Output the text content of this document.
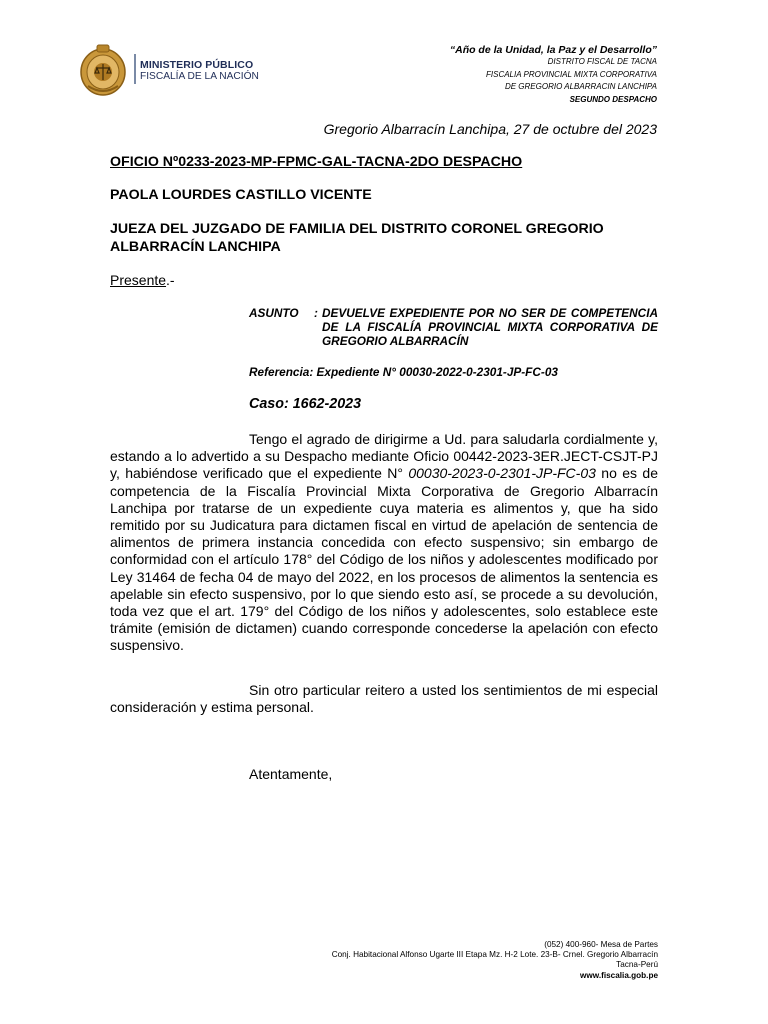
MINISTERIO PÚBLICO
FISCALÍA DE LA NACIÓN
“Año de la Unidad, la Paz y el Desarrollo”
DISTRITO FISCAL DE TACNA
FISCALIA PROVINCIAL MIXTA CORPORATIVA
DE GREGORIO ALBARRACIN LANCHIPA
SEGUNDO DESPACHO
Gregorio Albarracín Lanchipa, 27 de octubre del 2023
OFICIO Nº0233-2023-MP-FPMC-GAL-TACNA-2DO DESPACHO
PAOLA LOURDES CASTILLO VICENTE
JUEZA DEL JUZGADO DE FAMILIA DEL DISTRITO CORONEL GREGORIO ALBARRACÍN LANCHIPA
Presente.-
ASUNTO : DEVUELVE EXPEDIENTE POR NO SER DE COMPETENCIA DE LA FISCALÍA PROVINCIAL MIXTA CORPORATIVA DE GREGORIO ALBARRACÍN
Referencia: Expediente N° 00030-2022-0-2301-JP-FC-03
Caso: 1662-2023
Tengo el agrado de dirigirme a Ud. para saludarla cordialmente y, estando a lo advertido a su Despacho mediante Oficio 00442-2023-3ER.JECT-CSJT-PJ y, habiéndose verificado que el expediente N° 00030-2023-0-2301-JP-FC-03 no es de competencia de la Fiscalía Provincial Mixta Corporativa de Gregorio Albarracín Lanchipa por tratarse de un expediente cuya materia es alimentos y, que ha sido remitido por su Judicatura para dictamen fiscal en virtud de apelación de sentencia de alimentos de primera instancia concedida con efecto suspensivo; sin embargo de conformidad con el artículo 178° del Código de los niños y adolescentes modificado por Ley 31464 de fecha 04 de mayo del 2022, en los procesos de alimentos la sentencia es apelable sin efecto suspensivo, por lo que siendo esto así, se procede a su devolución, toda vez que el art. 179° del Código de los niños y adolescentes, solo establece este trámite (emisión de dictamen) cuando corresponde concederse la apelación con efecto suspensivo.
Sin otro particular reitero a usted los sentimientos de mi especial consideración y estima personal.
Atentamente,
(052) 400-960- Mesa de Partes
Conj. Habitacional Alfonso Ugarte III Etapa Mz. H-2 Lote. 23-B- Crnel. Gregorio Albarracín
Tacna-Perú
www.fiscalia.gob.pe
